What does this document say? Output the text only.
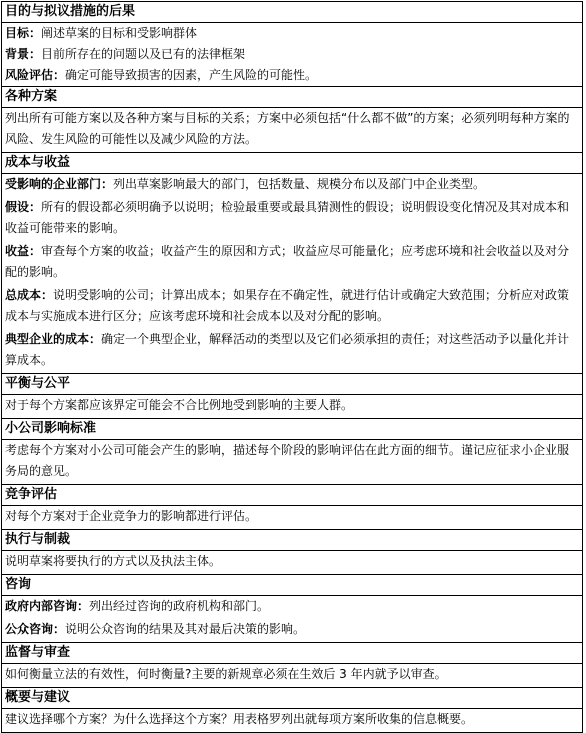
目的与拟议措施的后果

目标：阐述草案的目标和受影响群体

背景：目前所存在的问题以及已有的法律框架

风险评估：确定可能导致损害的因素，产生风险的可能性。

各种方案

列出所有可能方案以及各种方案与目标的关系；方案中必须包括“什么都不做”的方案；必须列明每种方案的风险、发生风险的可能性以及减少风险的方法。

成本与收益

受影响的企业部门：列出草案影响最大的部门，包括数量、规模分布以及部门中企业类型。

假设：所有的假设都必须明确予以说明；检验最重要或最具猜测性的假设；说明假设变化情况及其对成本和收益可能带来的影响。

收益：审查每个方案的收益；收益产生的原因和方式；收益应尽可能量化；应考虑环境和社会收益以及对分配的影响。

总成本：说明受影响的公司；计算出成本；如果存在不确定性，就进行估计或确定大致范围；分析应对政策成本与实施成本进行区分；应该考虑环境和社会成本以及对分配的影响。

典型企业的成本：确定一个典型企业，解释活动的类型以及它们必须承担的责任；对这些活动予以量化并计算成本。

平衡与公平

对于每个方案都应该界定可能会不合比例地受到影响的主要人群。

小公司影响标准

考虑每个方案对小公司可能会产生的影响，描述每个阶段的影响评估在此方面的细节。谨记应征求小企业服务局的意见。

竞争评估

对每个方案对于企业竞争力的影响都进行评估。

执行与制裁

说明草案将要执行的方式以及执法主体。

咨询

政府内部咨询：列出经过咨询的政府机构和部门。

公众咨询：说明公众咨询的结果及其对最后决策的影响。

监督与审查

如何衡量立法的有效性，何时衡量?主要的新规章必须在生效后 3 年内就予以审查。

概要与建议

建议选择哪个方案？为什么选择这个方案？用表格罗列出就每项方案所收集的信息概要。
